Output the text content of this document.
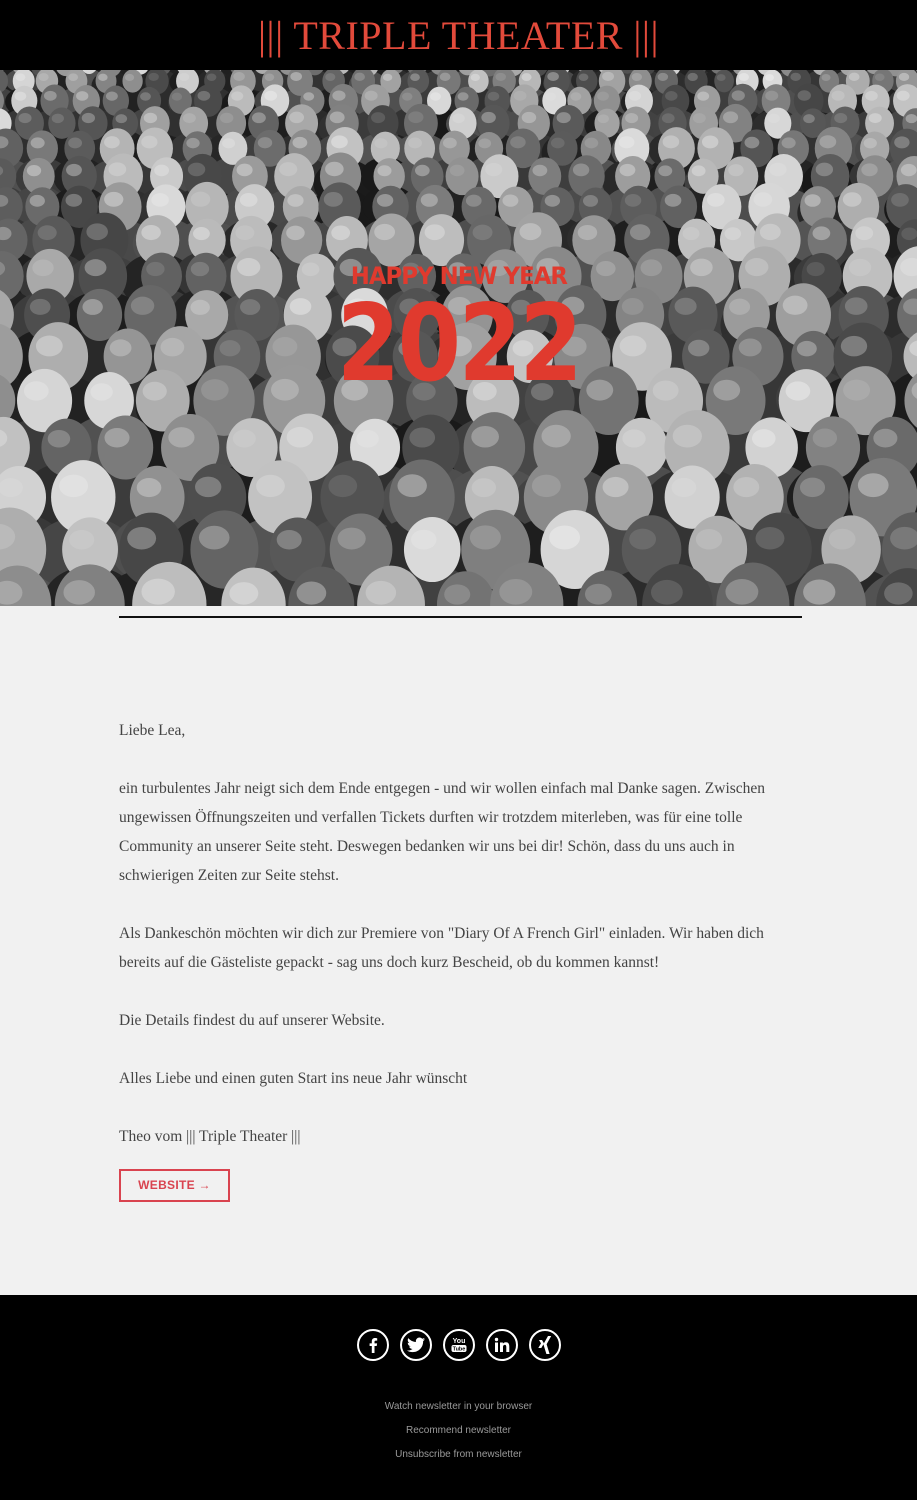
||| TRIPLE THEATER |||
HAPPY NEW YEAR
2022

Liebe Lea,

ein turbulentes Jahr neigt sich dem Ende entgegen - und wir wollen einfach mal Danke sagen. Zwischen ungewissen Öffnungszeiten und verfallen Tickets durften wir trotzdem miterleben, was für eine tolle Community an unserer Seite steht. Deswegen bedanken wir uns bei dir! Schön, dass du uns auch in schwierigen Zeiten zur Seite stehst.

Als Dankeschön möchten wir dich zur Premiere von "Diary Of A French Girl" einladen. Wir haben dich bereits auf die Gästeliste gepackt - sag uns doch kurz Bescheid, ob du kommen kannst!

Die Details findest du auf unserer Website.

Alles Liebe und einen guten Start ins neue Jahr wünscht

Theo vom ||| Triple Theater |||

WEBSITE →
You
Tube
Watch newsletter in your browser
Recommend newsletter
Unsubscribe from newsletter
